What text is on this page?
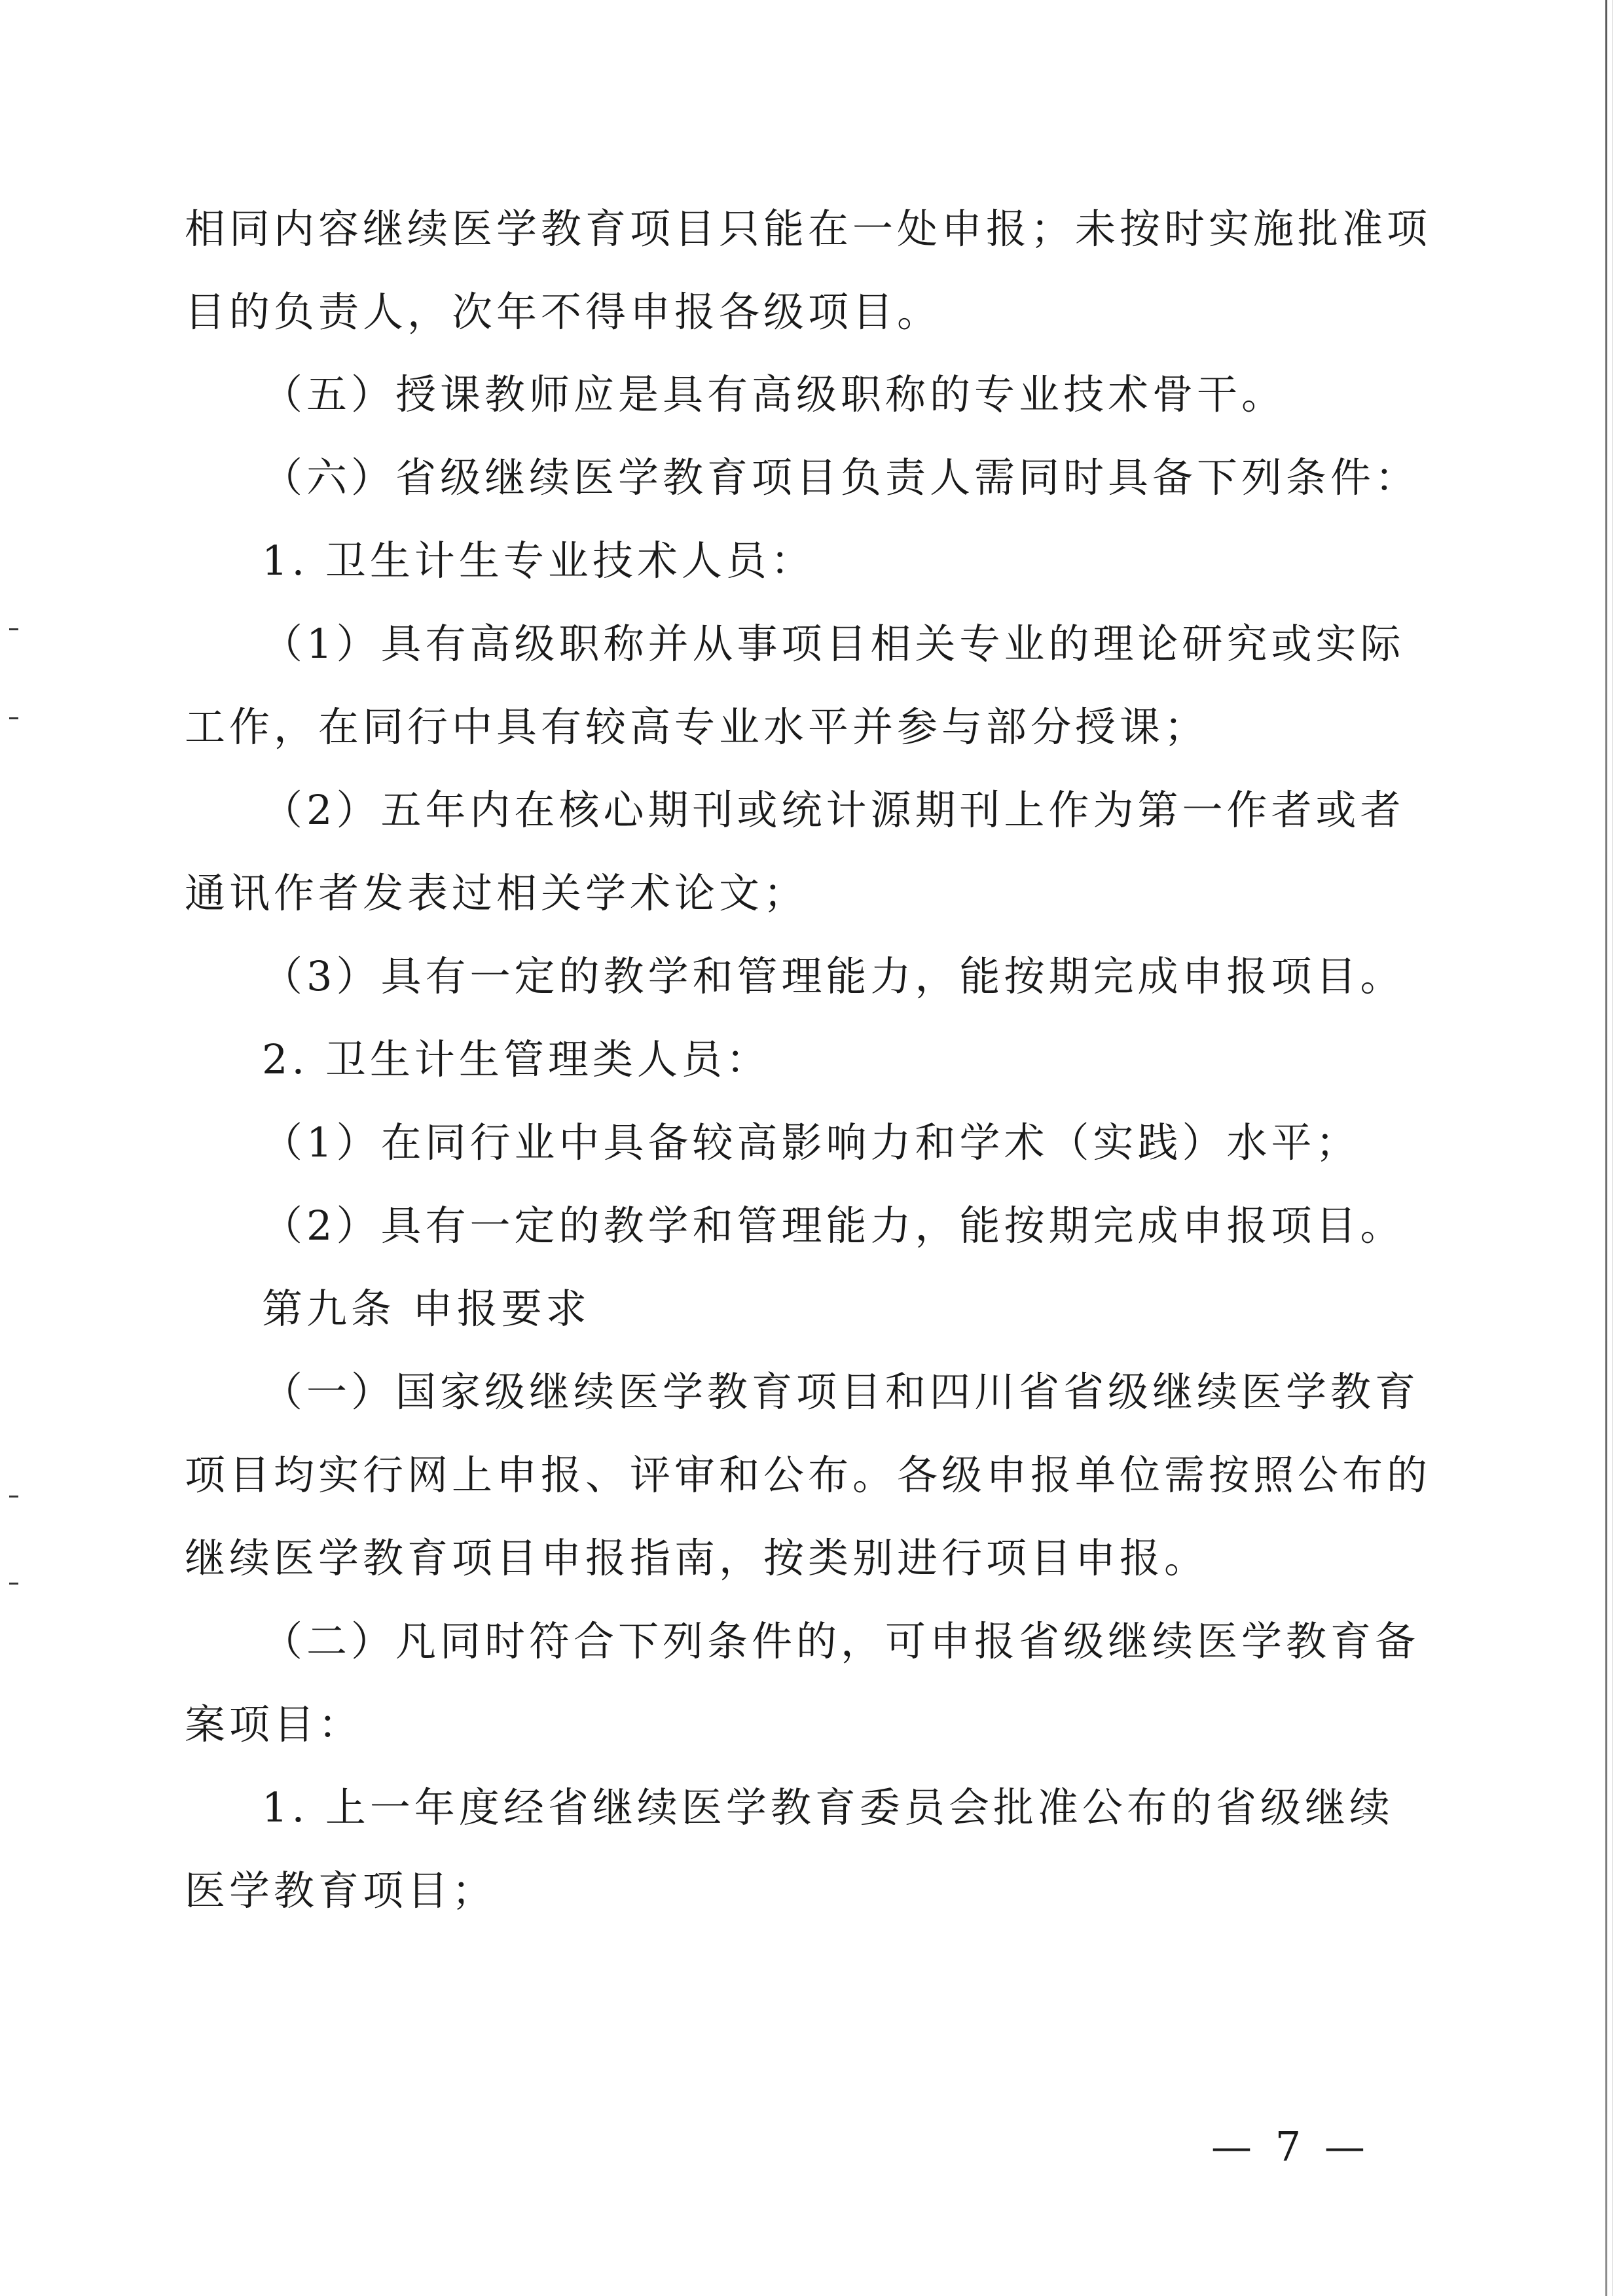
相同内容继续医学教育项目只能在一处申报；未按时实施批准项
目的负责人，次年不得申报各级项目。
（五）授课教师应是具有高级职称的专业技术骨干。
（六）省级继续医学教育项目负责人需同时具备下列条件：
1. 卫生计生专业技术人员：
（1）具有高级职称并从事项目相关专业的理论研究或实际
工作，在同行中具有较高专业水平并参与部分授课；
（2）五年内在核心期刊或统计源期刊上作为第一作者或者
通讯作者发表过相关学术论文；
（3）具有一定的教学和管理能力，能按期完成申报项目。
2. 卫生计生管理类人员：
（1）在同行业中具备较高影响力和学术（实践）水平；
（2）具有一定的教学和管理能力，能按期完成申报项目。
第九条 申报要求
（一）国家级继续医学教育项目和四川省省级继续医学教育
项目均实行网上申报、评审和公布。各级申报单位需按照公布的
继续医学教育项目申报指南，按类别进行项目申报。
（二）凡同时符合下列条件的，可申报省级继续医学教育备
案项目：
1. 上一年度经省继续医学教育委员会批准公布的省级继续
医学教育项目；
— 7 —
